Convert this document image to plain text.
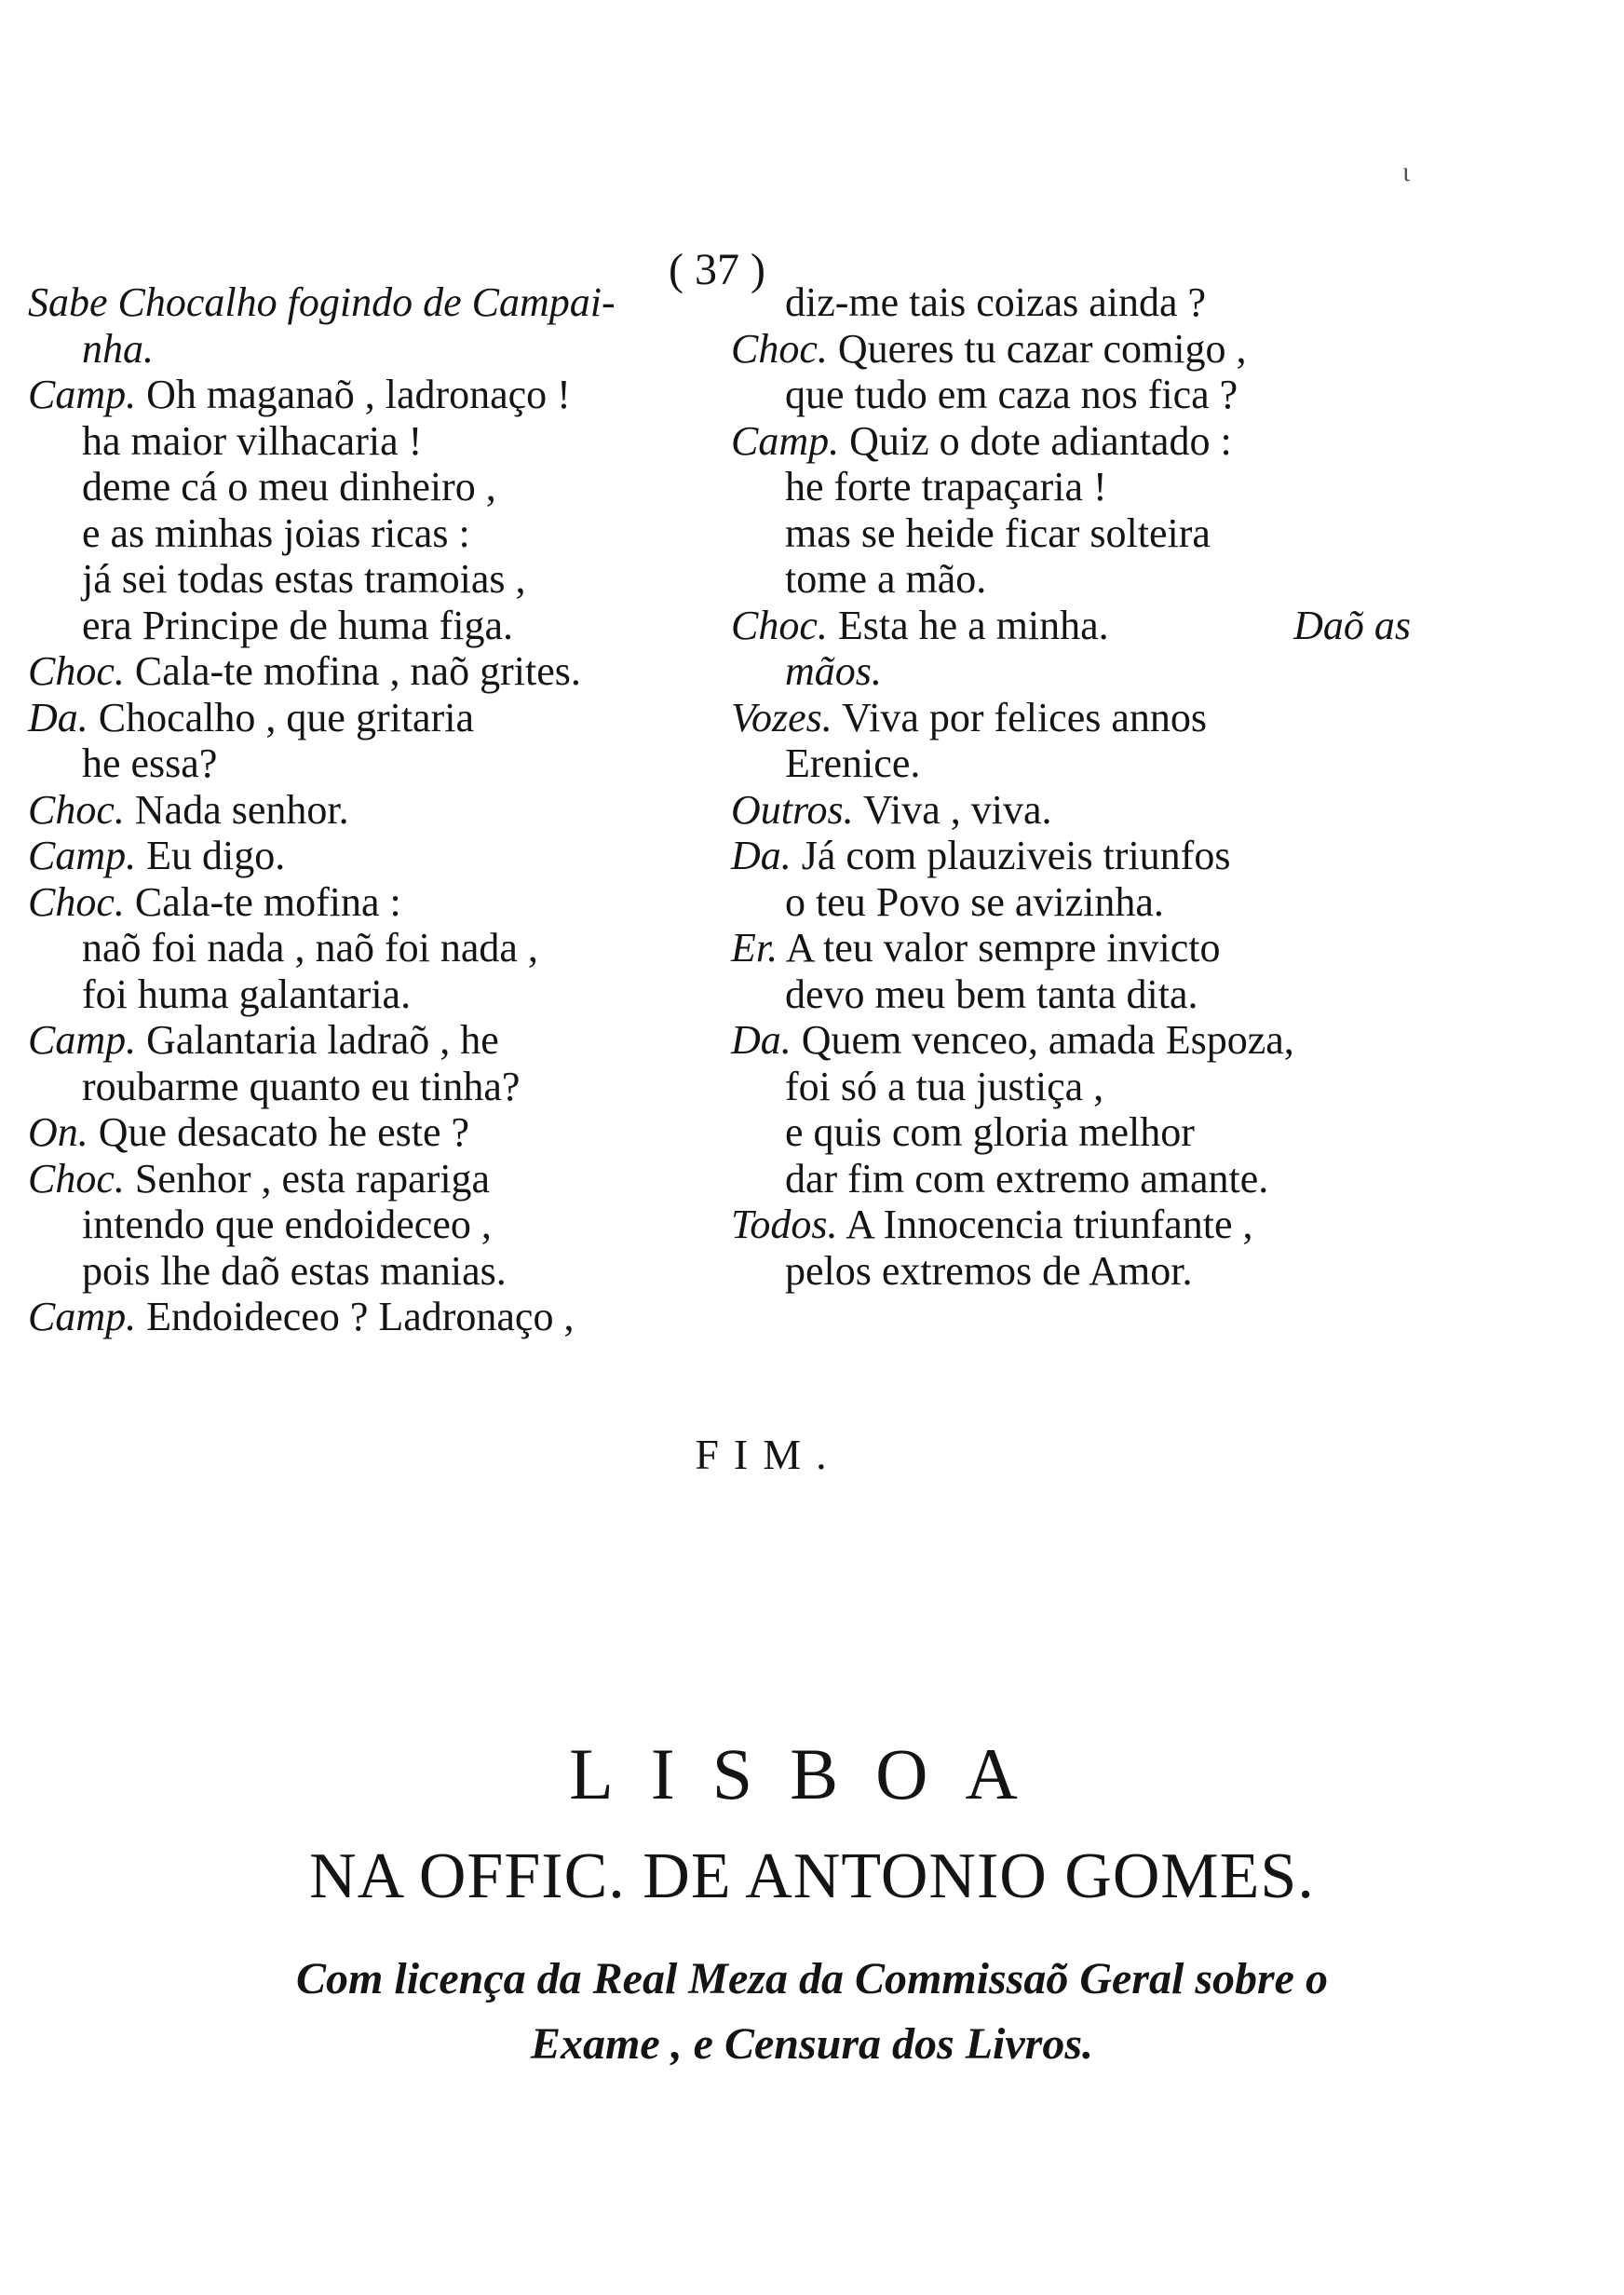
ι
( 37 )
Sabe Chocalho fogindo de Campai-
nha.
Camp. Oh maganaõ , ladronaço !
ha maior vilhacaria !
deme cá o meu dinheiro ,
e as minhas joias ricas :
já sei todas estas tramoias ,
era Principe de huma figa.
Choc. Cala-te mofina , naõ grites.
Da. Chocalho , que gritaria
he essa?
Choc. Nada senhor.
Camp. Eu digo.
Choc. Cala-te mofina :
naõ foi nada , naõ foi nada ,
foi huma galantaria.
Camp. Galantaria ladraõ , he
roubarme quanto eu tinha?
On. Que desacato he este ?
Choc. Senhor , esta rapariga
intendo que endoideceo ,
pois lhe daõ estas manias.
Camp. Endoideceo ? Ladronaço ,
diz-me tais coizas ainda ?
Choc. Queres tu cazar comigo ,
que tudo em caza nos fica ?
Camp. Quiz o dote adiantado :
he forte trapaçaria !
mas se heide ficar solteira
tome a mão.
Choc. Esta he a minha.	Daõ as
mãos.
Vozes. Viva por felices annos
Erenice.
Outros. Viva , viva.
Da. Já com plauziveis triunfos
o teu Povo se avizinha.
Er. A teu valor sempre invicto
devo meu bem tanta dita.
Da. Quem venceo, amada Espoza,
foi só a tua justiça ,
e quis com gloria melhor
dar fim com extremo amante.
Todos. A Innocencia triunfante ,
pelos extremos de Amor.
FIM.
LISBOA
NA OFFIC. DE ANTONIO GOMES.
Com licença da Real Meza da Commissaõ Geral sobre o
Exame , e Censura dos Livros.
